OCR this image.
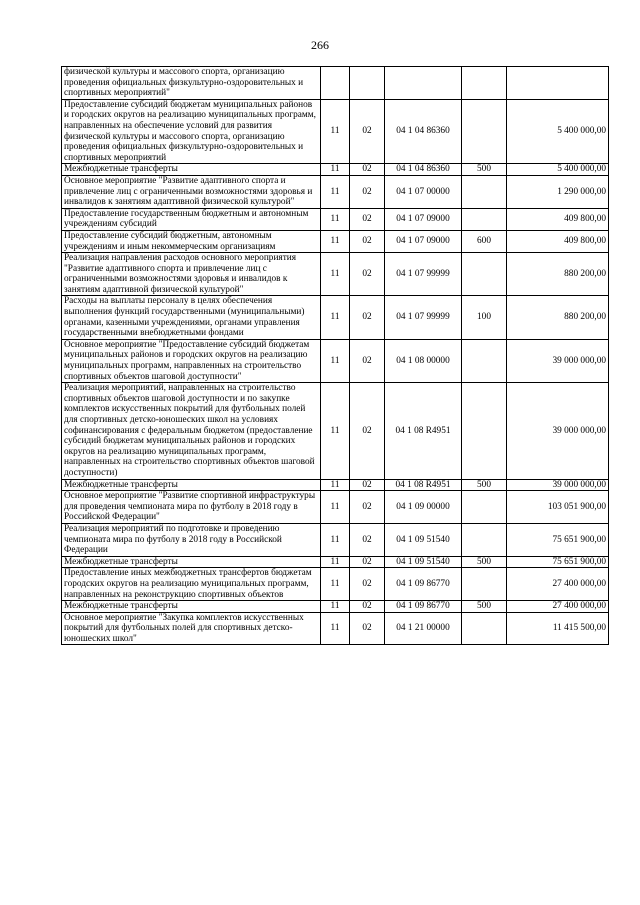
266
физической культуры и массового спорта, организацию проведения официальных физкультурно-оздоровительных и спортивных мероприятий"					
Предоставление субсидий бюджетам муниципальных районов и городских округов на реализацию муниципальных программ, направленных на обеспечение условий для развития физической культуры и массового спорта, организацию проведения официальных физкультурно-оздоровительных и спортивных мероприятий	11	02	04 1 04 86360		5 400 000,00
Межбюджетные трансферты	11	02	04 1 04 86360	500	5 400 000,00
Основное мероприятие "Развитие адаптивного спорта и привлечение лиц с ограниченными возможностями здоровья и инвалидов к занятиям адаптивной физической культурой"	11	02	04 1 07 00000		1 290 000,00
Предоставление государственным бюджетным и автономным учреждениям субсидий	11	02	04 1 07 09000		409 800,00
Предоставление субсидий бюджетным, автономным учреждениям и иным некоммерческим организациям	11	02	04 1 07 09000	600	409 800,00
Реализация направления расходов основного мероприятия "Развитие адаптивного спорта и привлечение лиц с ограниченными возможностями здоровья и инвалидов к занятиям адаптивной физической культурой"	11	02	04 1 07 99999		880 200,00
Расходы на выплаты персоналу в целях обеспечения выполнения функций государственными (муниципальными) органами, казенными учреждениями, органами управления государственными внебюджетными фондами	11	02	04 1 07 99999	100	880 200,00
Основное мероприятие "Предоставление субсидий бюджетам муниципальных районов и городских округов на реализацию муниципальных программ, направленных на строительство спортивных объектов шаговой доступности"	11	02	04 1 08 00000		39 000 000,00
Реализация мероприятий, направленных на строительство спортивных объектов шаговой доступности и по закупке комплектов искусственных покрытий для футбольных полей для спортивных детско-юношеских школ на условиях софинансирования с федеральным бюджетом (предоставление субсидий бюджетам муниципальных районов и городских округов на реализацию муниципальных программ, направленных на строительство спортивных объектов шаговой доступности)	11	02	04 1 08 R4951		39 000 000,00
Межбюджетные трансферты	11	02	04 1 08 R4951	500	39 000 000,00
Основное мероприятие "Развитие спортивной инфраструктуры для проведения чемпионата мира по футболу в 2018 году в Российской Федерации"	11	02	04 1 09 00000		103 051 900,00
Реализация мероприятий по подготовке и проведению чемпионата мира по футболу в 2018 году в Российской Федерации	11	02	04 1 09 51540		75 651 900,00
Межбюджетные трансферты	11	02	04 1 09 51540	500	75 651 900,00
Предоставление иных межбюджетных трансфертов бюджетам городских округов на реализацию муниципальных программ, направленных на реконструкцию спортивных объектов	11	02	04 1 09 86770		27 400 000,00
Межбюджетные трансферты	11	02	04 1 09 86770	500	27 400 000,00
Основное мероприятие "Закупка комплектов искусственных покрытий для футбольных полей для спортивных детско-юношеских школ"	11	02	04 1 21 00000		11 415 500,00
